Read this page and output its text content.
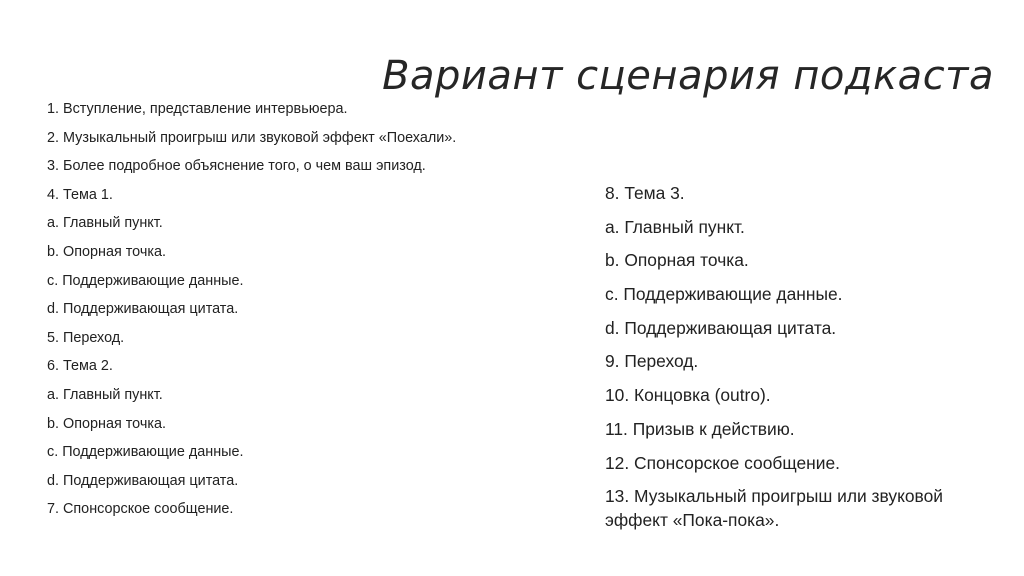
Вариант сценария подкаста
1. Вступление, представление интервьюера.
2. Музыкальный проигрыш или звуковой эффект «Поехали».
3. Более подробное объяснение того, о чем ваш эпизод.
4. Тема 1.
a. Главный пункт.
b. Опорная точка.
c. Поддерживающие данные.
d. Поддерживающая цитата.
5. Переход.
6. Тема 2.
a. Главный пункт.
b. Опорная точка.
c. Поддерживающие данные.
d. Поддерживающая цитата.
7. Спонсорское сообщение.
8. Тема 3.
a. Главный пункт.
b. Опорная точка.
c. Поддерживающие данные.
d. Поддерживающая цитата.
9. Переход.
10. Концовка (outro).
11. Призыв к действию.
12. Спонсорское сообщение.
13. Музыкальный проигрыш или звуковой эффект «Пока-пока».
